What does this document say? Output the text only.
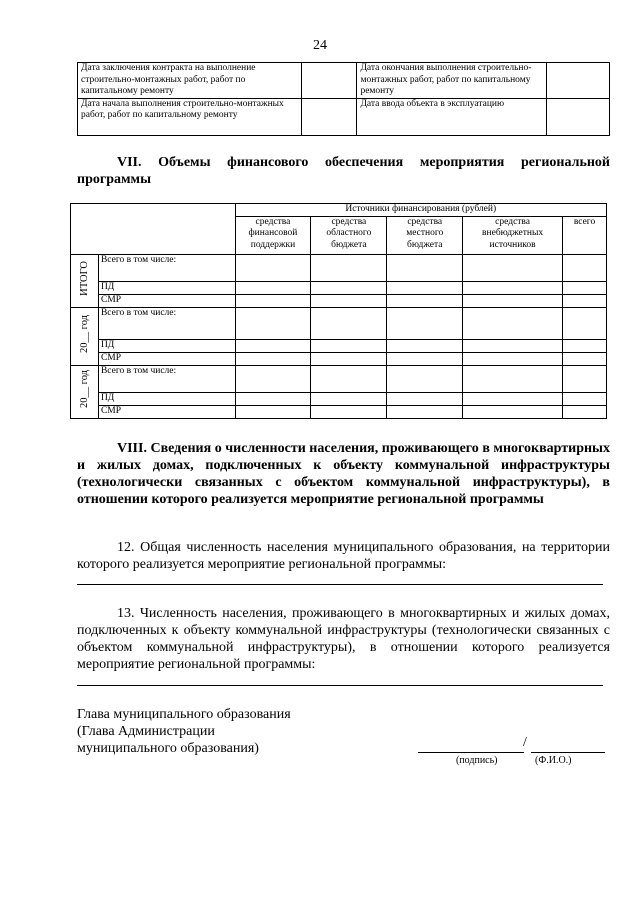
24
Дата заключения контракта на выполнение строительно-монтажных работ, работ по капитальному ремонту		Дата окончания выполнения строительно-монтажных работ, работ по капитальному ремонту	
Дата начала выполнения строительно-монтажных работ, работ по капитальному ремонту		Дата ввода объекта в эксплуатацию	
VII. Объемы финансового обеспечения мероприятия региональной программы
		Источники финансирования (рублей)				
		средства финансовой поддержки	средства областного бюджета	средства местного бюджета	средства внебюджетных источников	всего
ИТОГО	Всего в том числе:					
	ПД					
	СМР					
20__ год	Всего в том числе:					
	ПД					
	СМР					
20__ год	Всего в том числе:					
	ПД					
	СМР					
VIII. Сведения о численности населения, проживающего в многоквартирных и жилых домах, подключенных к объекту коммунальной инфраструктуры (технологически связанных с объектом коммунальной инфраструктуры), в отношении которого реализуется мероприятие региональной программы
12. Общая численность населения муниципального образования, на территории которого реализуется мероприятие региональной программы:
13. Численность населения, проживающего в многоквартирных и жилых домах, подключенных к объекту коммунальной инфраструктуры (технологически связанных с объектом коммунальной инфраструктуры), в отношении которого реализуется мероприятие региональной программы:
Глава муниципального образования
(Глава Администрации
муниципального образования)	/
(подпись)	(Ф.И.О.)
